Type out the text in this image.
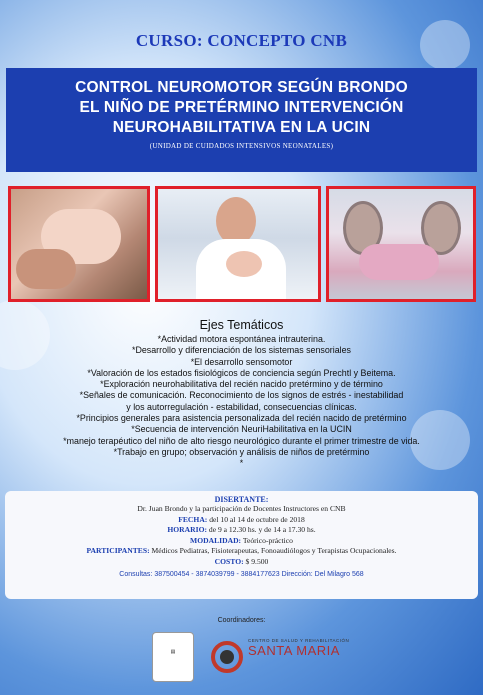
CURSO: CONCEPTO CNB
CONTROL NEUROMOTOR SEGÚN BRONDO
EL NIÑO DE PRETÉRMINO INTERVENCIÓN
NEUROHABILITATIVA EN LA UCIN
(UNIDAD DE CUIDADOS INTENSIVOS NEONATALES)
Ejes Temáticos
*Actividad motora espontánea intrauterina.
*Desarrollo y diferenciación de los sistemas sensoriales
*El desarrollo sensomotor
*Valoración de los estados fisiológicos de conciencia según Prechtl y Beitema.
*Exploración neurohabilitativa del recién nacido pretérmino y de término
*Señales de comunicación. Reconocimiento de los signos de estrés - inestabilidad
y los autorregulación - estabilidad, consecuencias clínicas.
*Principios generales para asistencia personalizada del recién nacido de pretérmino
*Secuencia de intervención NeuriHabilitativa en la UCIN
*manejo terapéutico del niño de alto riesgo neurológico durante el primer trimestre de vida.
*Trabajo en grupo; observación y análisis de niños de pretérmino
*
DISERTANTE:
Dr. Juan Brondo y la participación de Docentes Instructores en CNB
FECHA: del 10 al 14 de octubre de 2018
HORARIO: de 9 a 12.30 hs. y de 14 a 17.30 hs.
MODALIDAD: Teórico-práctico
PARTICIPANTES: Médicos Pediatras, Fisioterapeutas, Fonoaudiólogos y Terapistas Ocupacionales.
COSTO: $ 9.500
Consultas: 387500454 - 3874039799 - 3884177623 Dirección: Del Milagro 568
Coordinadores:
▤
CENTRO DE SALUD Y REHABILITACIÓN
SANTA MARIA
